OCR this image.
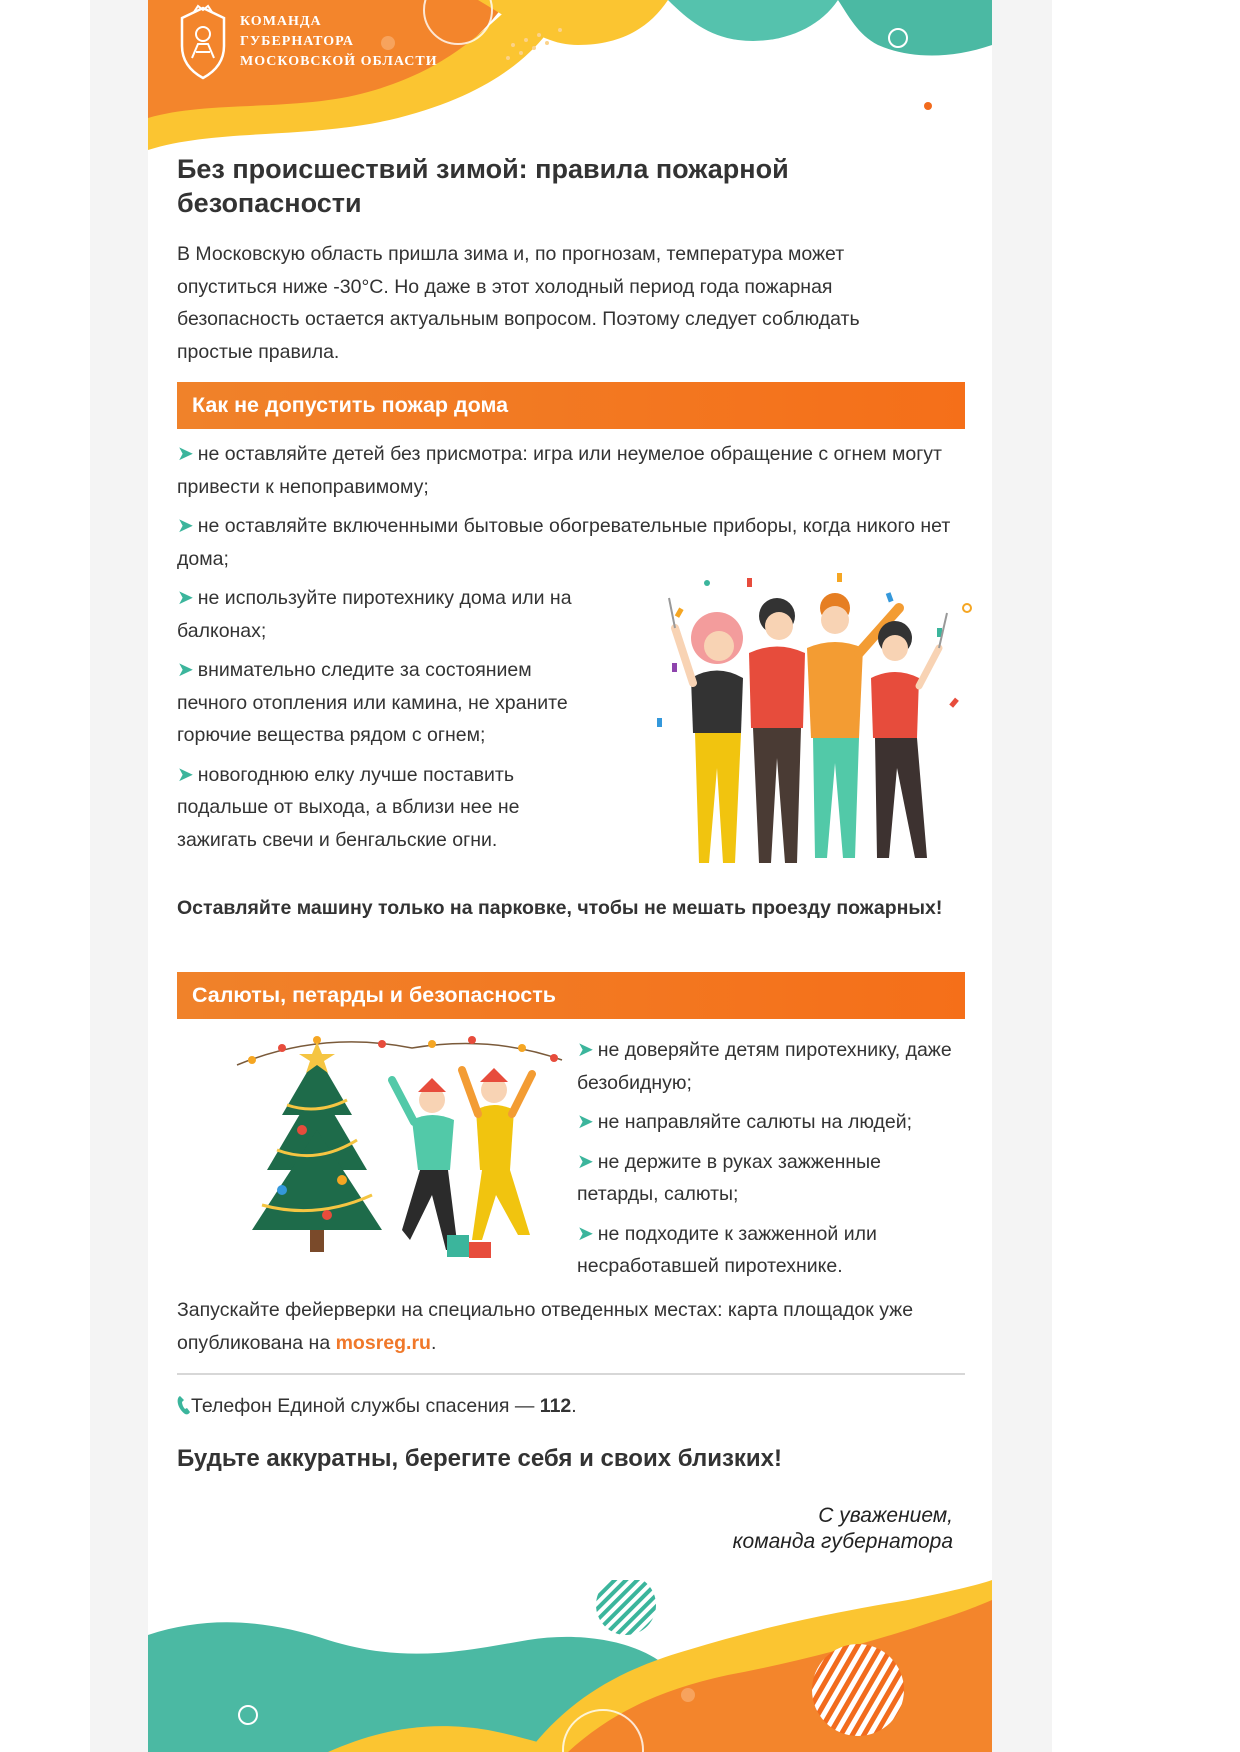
КОМАНДА
ГУБЕРНАТОРА
МОСКОВСКОЙ ОБЛАСТИ
Без происшествий зимой: правила пожарной безопасности

В Московскую область пришла зима и, по прогнозам, температура может опуститься ниже -30°С. Но даже в этот холодный период года пожарная безопасность остается актуальным вопросом. Поэтому следует соблюдать простые правила.

Как не допустить пожар дома

➤ не оставляйте детей без присмотра: игра или неумелое обращение с огнем могут привести к непоправимому;

➤ не оставляйте включенными бытовые обогревательные приборы, когда никого нет дома;

➤ не используйте пиротехнику дома или на балконах;

➤ внимательно следите за состоянием печного отопления или камина, не храните горючие вещества рядом с огнем;

➤ новогоднюю елку лучше поставить подальше от выхода, а вблизи нее не зажигать свечи и бенгальские огни.

Оставляйте машину только на парковке, чтобы не мешать проезду пожарных!

Салюты, петарды и безопасность

➤ не доверяйте детям пиротехнику, даже безобидную;

➤ не направляйте салюты на людей;

➤ не держите в руках зажженные петарды, салюты;

➤ не подходите к зажженной или несработавшей пиротехнике.

Запускайте фейерверки на специально отведенных местах: карта площадок уже опубликована на mosreg.ru.

Телефон Единой службы спасения — 112.
Будьте аккуратны, берегите себя и своих близких!
С уважением,
команда губернатора
